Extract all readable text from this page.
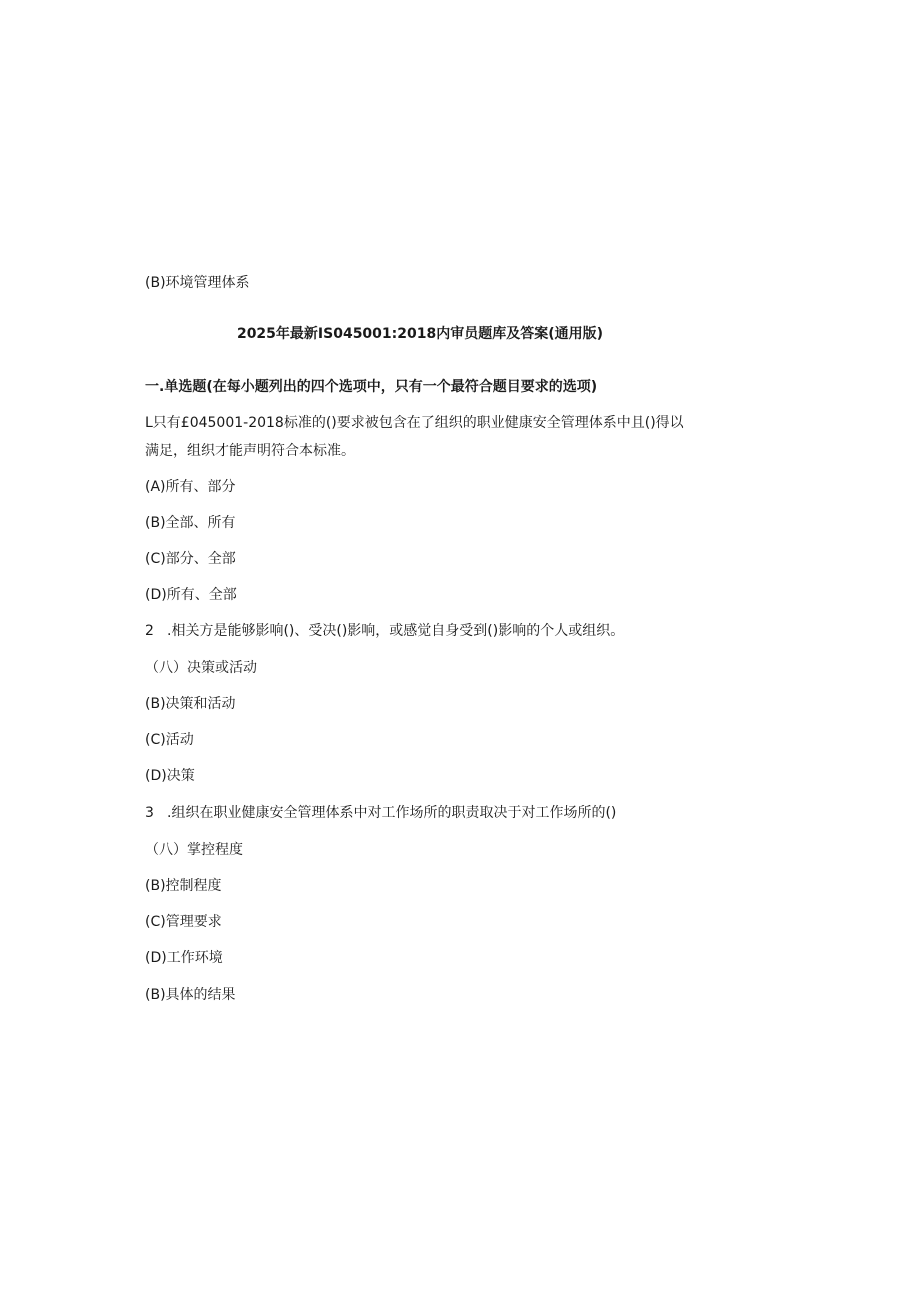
(B)环境管理体系
2025年最新IS045001:2018内审员题库及答案(通用版)
一.单选题(在每小题列出的四个选项中，只有一个最符合题目要求的选项)
L只有£045001-2018标准的()要求被包含在了组织的职业健康安全管理体系中且()得以
满足，组织才能声明符合本标准。
(A)所有、部分
(B)全部、所有
(C)部分、全部
(D)所有、全部
2 .相关方是能够影响()、受决()影响，或感觉自身受到()影响的个人或组织。
（八）决策或活动
(B)决策和活动
(C)活动
(D)决策
3 .组织在职业健康安全管理体系中对工作场所的职责取决于对工作场所的()
（八）掌控程度
(B)控制程度
(C)管理要求
(D)工作环境
(B)具体的结果
